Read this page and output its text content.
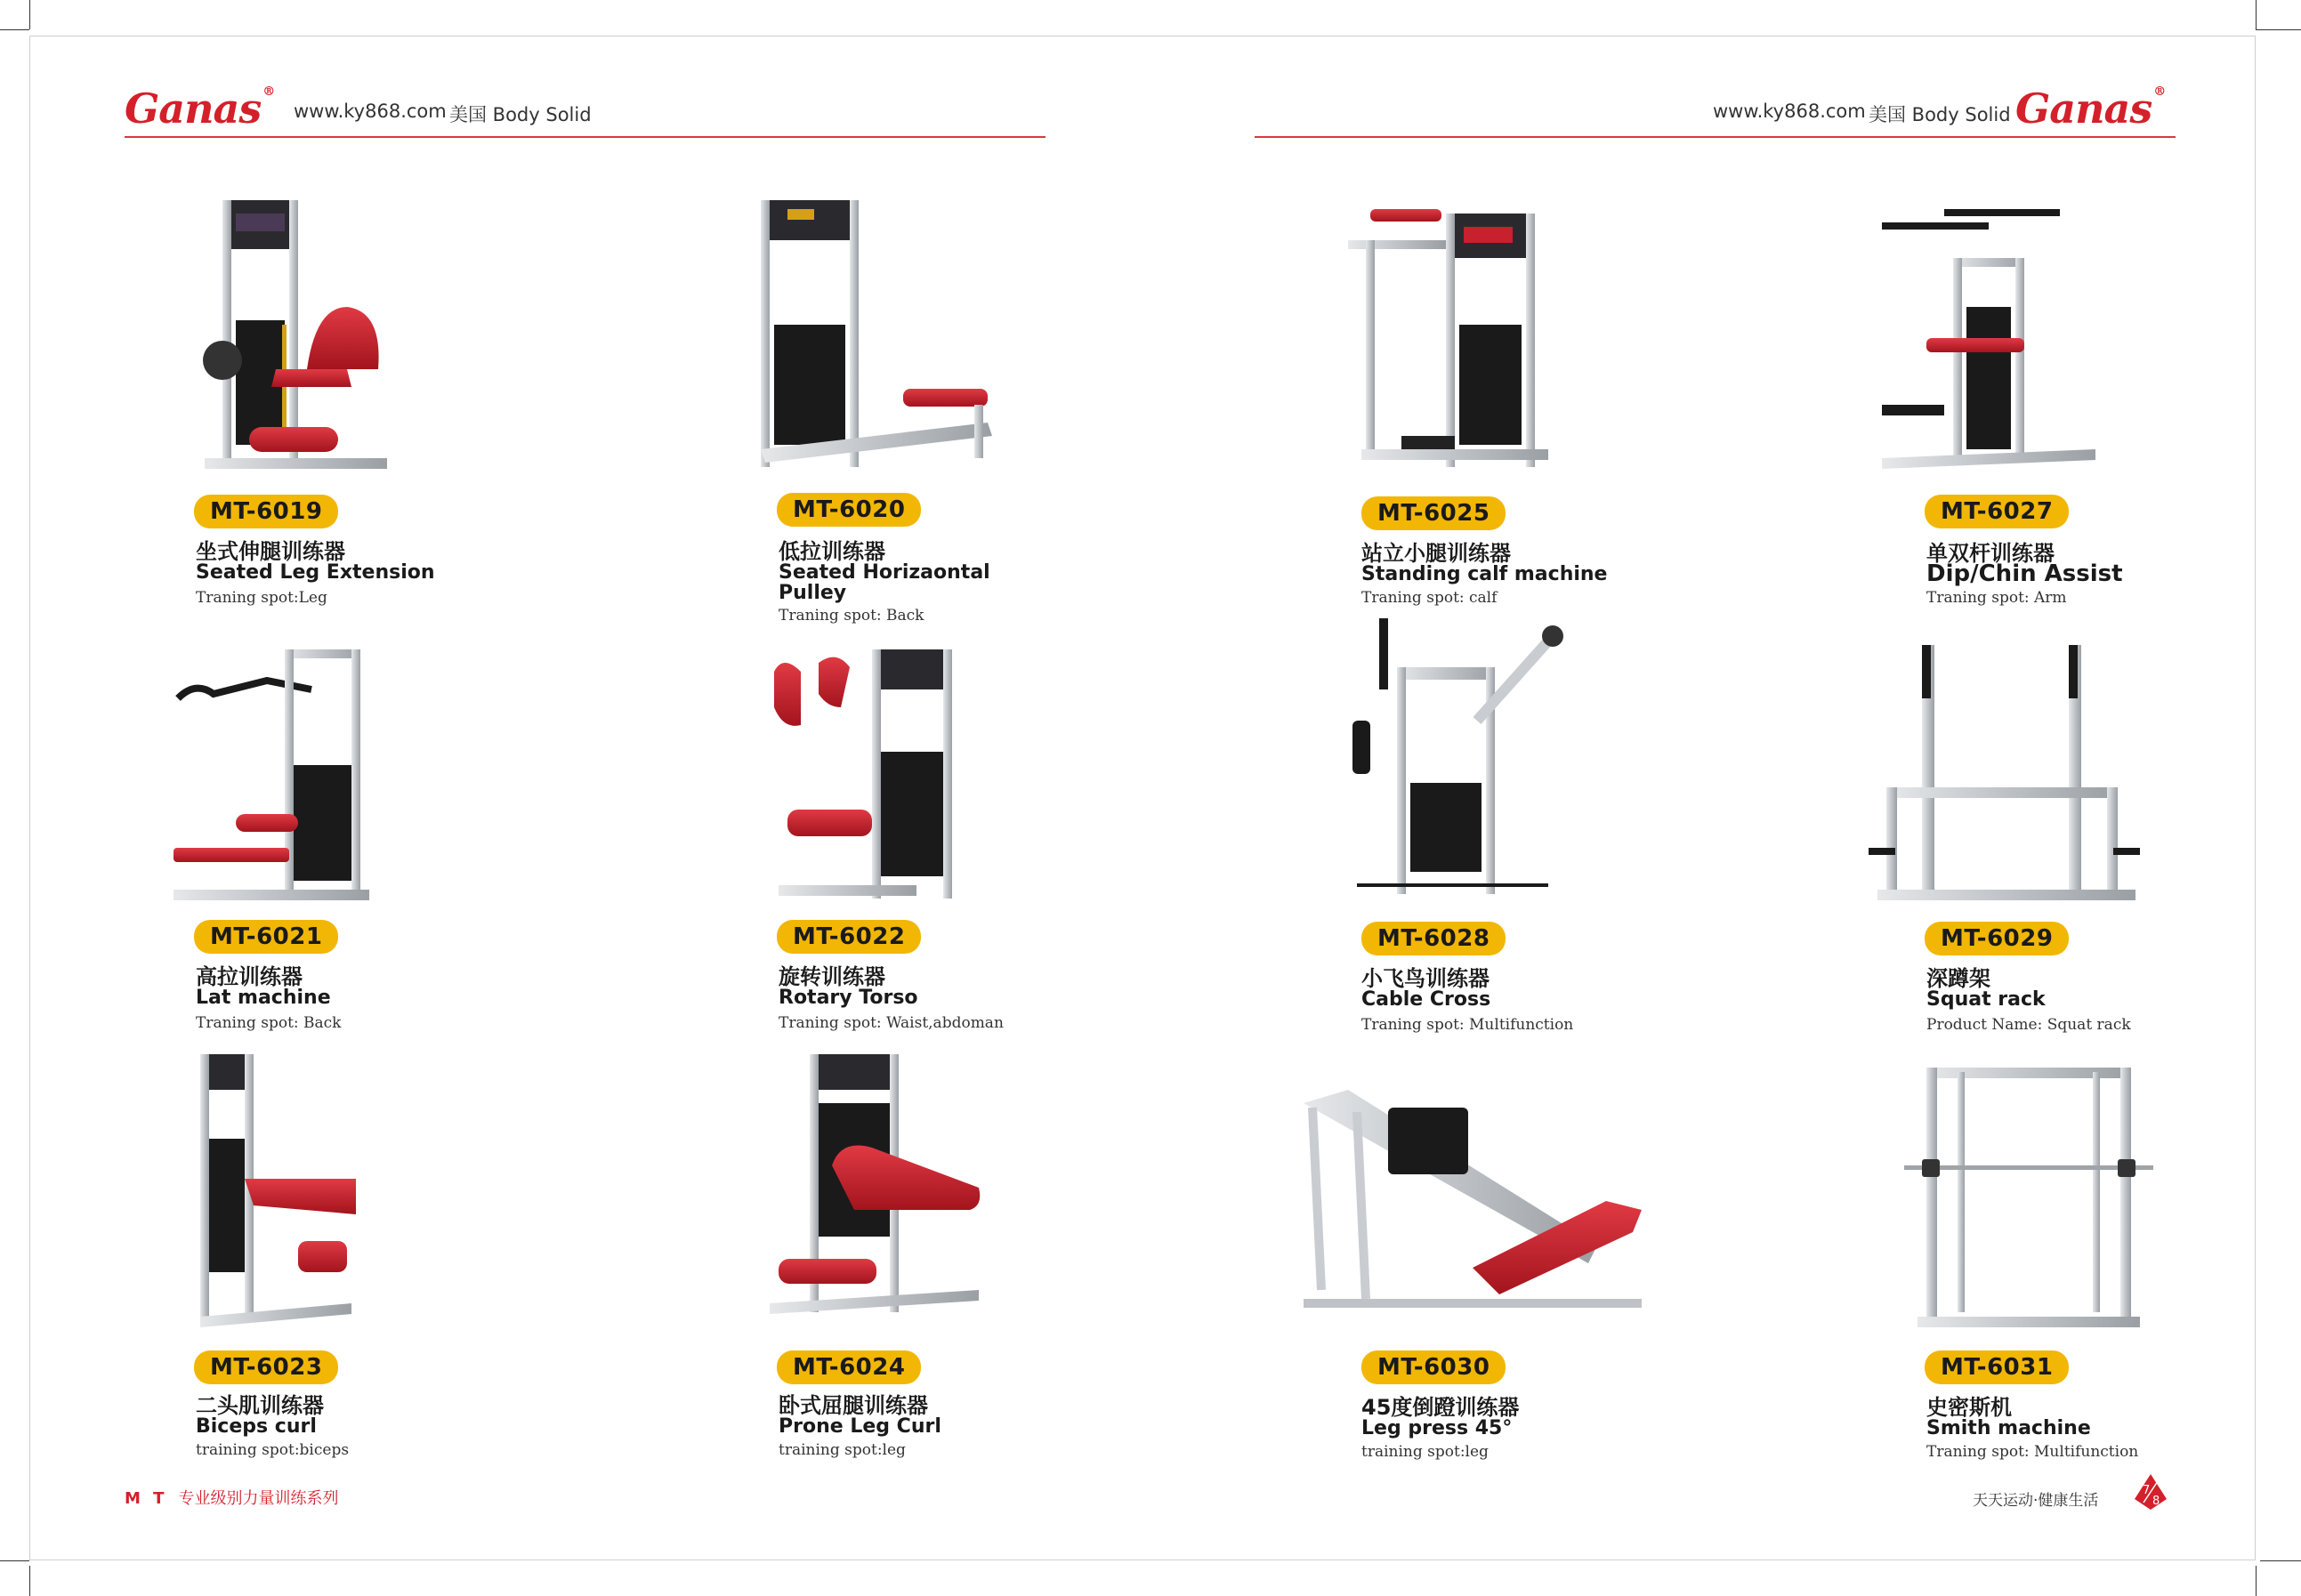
Ganas ®
www.ky868.com 美国 Body Solid	www.ky868.com 美国 Body Solid Ganas ®
MT-6019
坐式伸腿训练器
Seated Leg Extension
Traning spot:Leg
MT-6020
低拉训练器
Seated Horizaontal Pulley
Traning spot: Back
MT-6025
站立小腿训练器
Standing calf machine
Traning spot: calf
MT-6027
单双杆训练器
Dip/Chin Assist
Traning spot: Arm
MT-6021
高拉训练器
Lat machine
Traning spot: Back
MT-6022
旋转训练器
Rotary Torso
Traning spot: Waist,abdoman
MT-6028
小飞鸟训练器
Cable Cross
Traning spot: Multifunction
MT-6029
深蹲架
Squat rack
Product Name: Squat rack
MT-6023
二头肌训练器
Biceps curl
training spot:biceps
MT-6024
卧式屈腿训练器
Prone Leg Curl
training spot:leg
MT-6030
45度倒蹬训练器
Leg press 45°
training spot:leg
MT-6031
史密斯机
Smith machine
Traning spot: Multifunction
M T 专业级别力量训练系列	天天运动·健康生活
7
8
